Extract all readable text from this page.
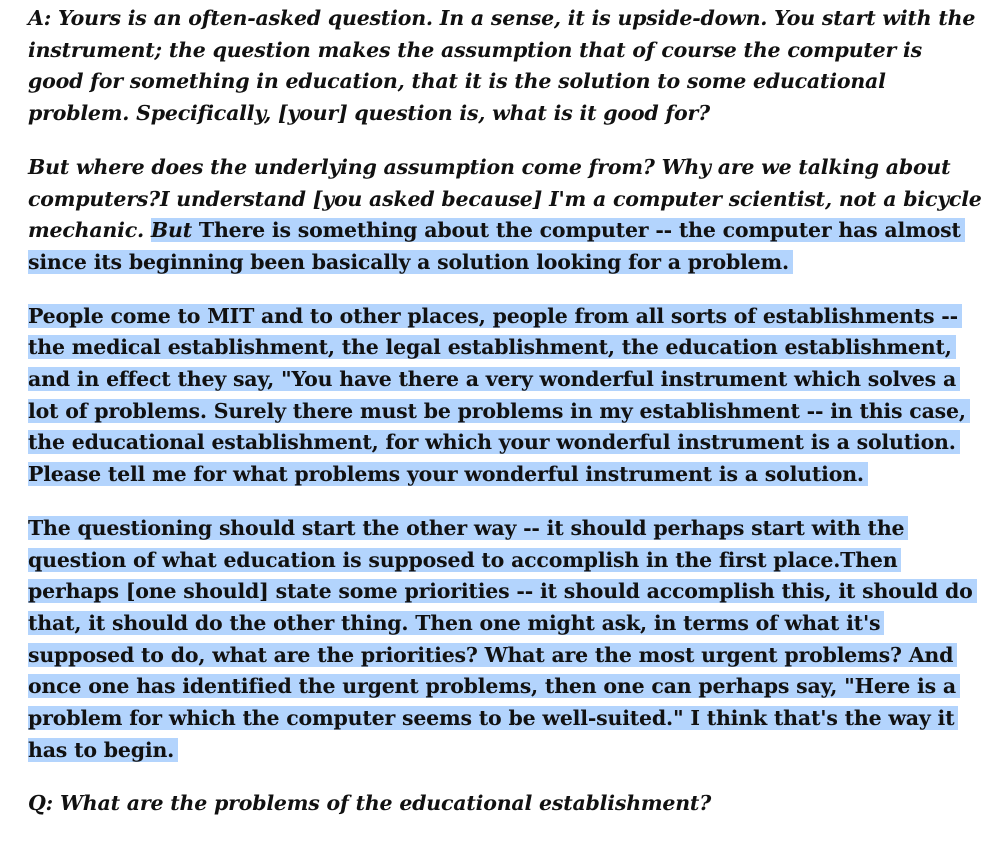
A: Yours is an often-asked question. In a sense, it is upside-down. You start with the instrument; the question makes the assumption that of course the computer is good for something in education, that it is the solution to some educational problem. Specifically, [your] question is, what is it good for?

But where does the underlying assumption come from? Why are we talking about computers?I understand [you asked because] I'm a computer scientist, not a bicycle mechanic. But There is something about the computer -- the computer has almost since its beginning been basically a solution looking for a problem.

People come to MIT and to other places, people from all sorts of establishments -- the medical establishment, the legal establishment, the education establishment, and in effect they say, "You have there a very wonderful instrument which solves a lot of problems. Surely there must be problems in my establishment -- in this case, the educational establishment, for which your wonderful instrument is a solution. Please tell me for what problems your wonderful instrument is a solution.

The questioning should start the other way -- it should perhaps start with the question of what education is supposed to accomplish in the first place.Then perhaps [one should] state some priorities -- it should accomplish this, it should do that, it should do the other thing. Then one might ask, in terms of what it's supposed to do, what are the priorities? What are the most urgent problems? And once one has identified the urgent problems, then one can perhaps say, "Here is a problem for which the computer seems to be well-suited." I think that's the way it has to begin.

Q: What are the problems of the educational establishment?
